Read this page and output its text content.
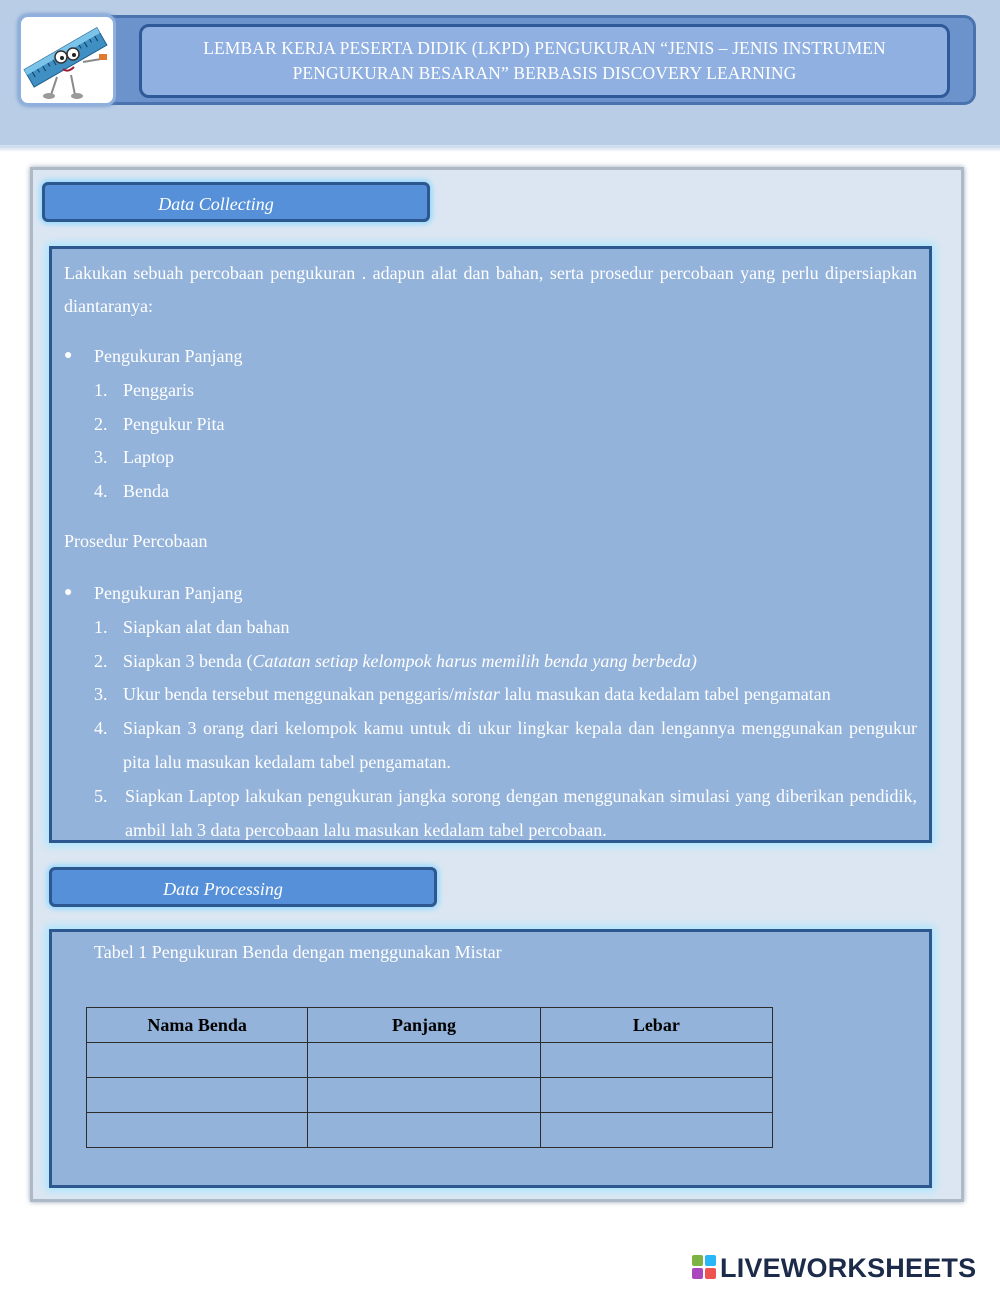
LEMBAR KERJA PESERTA DIDIK (LKPD) PENGUKURAN “JENIS – JENIS INSTRUMEN PENGUKURAN BESARAN” BERBASIS DISCOVERY LEARNING
Data Collecting
Lakukan sebuah percobaan pengukuran . adapun alat dan bahan, serta prosedur percobaan yang perlu dipersiapkan diantaranya:
● Pengukuran Panjang
1. Penggaris
2. Pengukur Pita
3. Laptop
4. Benda
Prosedur Percobaan
● Pengukuran Panjang
1. Siapkan alat dan bahan
2. Siapkan 3 benda (Catatan setiap kelompok harus memilih benda yang berbeda)
3. Ukur benda tersebut menggunakan penggaris/mistar lalu masukan data kedalam tabel pengamatan
4. Siapkan 3 orang dari kelompok kamu untuk di ukur lingkar kepala dan lengannya menggunakan pengukur pita lalu masukan kedalam tabel pengamatan.
5. Siapkan Laptop lakukan pengukuran jangka sorong dengan menggunakan simulasi yang diberikan pendidik, ambil lah 3 data percobaan lalu masukan kedalam tabel percobaan.
Data Processing
Tabel 1 Pengukuran Benda dengan menggunakan Mistar
Nama Benda	Panjang	Lebar

LIVEWORKSHEETS
